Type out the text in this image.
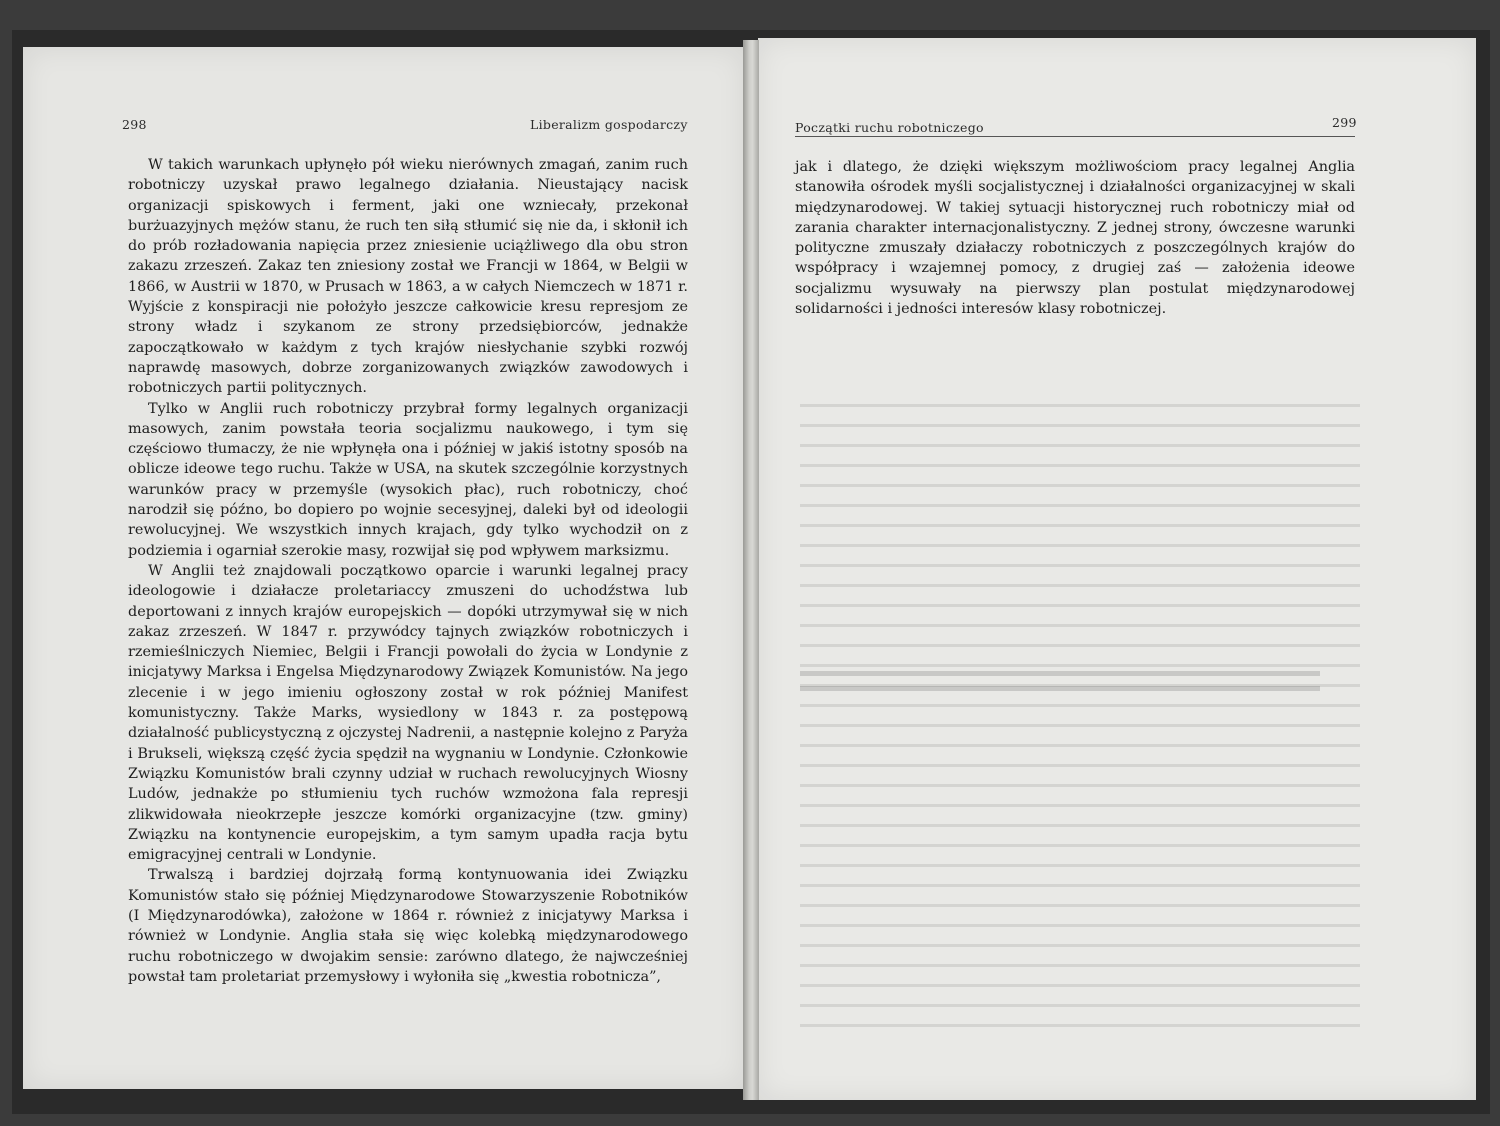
298	Liberalizm gospodarczy	Początki ruchu robotniczego	299

W takich warunkach upłynęło pół wieku nierównych zmagań, zanim ruch robotniczy uzyskał prawo legalnego działania. Nieustający nacisk organizacji spiskowych i ferment, jaki one wzniecały, przekonał burżuazyjnych mężów stanu, że ruch ten siłą stłumić się nie da, i skłonił ich do prób rozładowania napięcia przez zniesienie uciążliwego dla obu stron zakazu zrzeszeń. Zakaz ten zniesiony został we Francji w 1864, w Belgii w 1866, w Austrii w 1870, w Prusach w 1863, a w całych Niemczech w 1871 r. Wyjście z konspiracji nie położyło jeszcze całkowicie kresu represjom ze strony władz i szykanom ze strony przedsiębiorców, jednakże zapoczątkowało w każdym z tych krajów niesłychanie szybki rozwój naprawdę masowych, dobrze zorganizowanych związków zawodowych i robotniczych partii politycznych.

Tylko w Anglii ruch robotniczy przybrał formy legalnych organizacji masowych, zanim powstała teoria socjalizmu naukowego, i tym się częściowo tłumaczy, że nie wpłynęła ona i później w jakiś istotny sposób na oblicze ideowe tego ruchu. Także w USA, na skutek szczególnie korzystnych warunków pracy w przemyśle (wysokich płac), ruch robotniczy, choć narodził się późno, bo dopiero po wojnie secesyjnej, daleki był od ideologii rewolucyjnej. We wszystkich innych krajach, gdy tylko wychodził on z podziemia i ogarniał szerokie masy, rozwijał się pod wpływem marksizmu.

W Anglii też znajdowali początkowo oparcie i warunki legalnej pracy ideologowie i działacze proletariaccy zmuszeni do uchodźstwa lub deportowani z innych krajów europejskich — dopóki utrzymywał się w nich zakaz zrzeszeń. W 1847 r. przywódcy tajnych związków robotniczych i rzemieślniczych Niemiec, Belgii i Francji powołali do życia w Londynie z inicjatywy Marksa i Engelsa Międzynarodowy Związek Komunistów. Na jego zlecenie i w jego imieniu ogłoszony został w rok później Manifest komunistyczny. Także Marks, wysiedlony w 1843 r. za postępową działalność publicystyczną z ojczystej Nadrenii, a następnie kolejno z Paryża i Brukseli, większą część życia spędził na wygnaniu w Londynie. Członkowie Związku Komunistów brali czynny udział w ruchach rewolucyjnych Wiosny Ludów, jednakże po stłumieniu tych ruchów wzmożona fala represji zlikwidowała nieokrzepłe jeszcze komórki organizacyjne (tzw. gminy) Związku na kontynencie europejskim, a tym samym upadła racja bytu emigracyjnej centrali w Londynie.

Trwalszą i bardziej dojrzałą formą kontynuowania idei Związku Komunistów stało się później Międzynarodowe Stowarzyszenie Robotników (I Międzynarodówka), założone w 1864 r. również z inicjatywy Marksa i również w Londynie. Anglia stała się więc kolebką międzynarodowego ruchu robotniczego w dwojakim sensie: zarówno dlatego, że najwcześniej powstał tam proletariat przemysłowy i wyłoniła się „kwestia robotnicza”,

jak i dlatego, że dzięki większym możliwościom pracy legalnej Anglia stanowiła ośrodek myśli socjalistycznej i działalności organizacyjnej w skali międzynarodowej. W takiej sytuacji historycznej ruch robotniczy miał od zarania charakter internacjonalistyczny. Z jednej strony, ówczesne warunki polityczne zmuszały działaczy robotniczych z poszczególnych krajów do współpracy i wzajemnej pomocy, z drugiej zaś — założenia ideowe socjalizmu wysuwały na pierwszy plan postulat międzynarodowej solidarności i jedności interesów klasy robotniczej.
